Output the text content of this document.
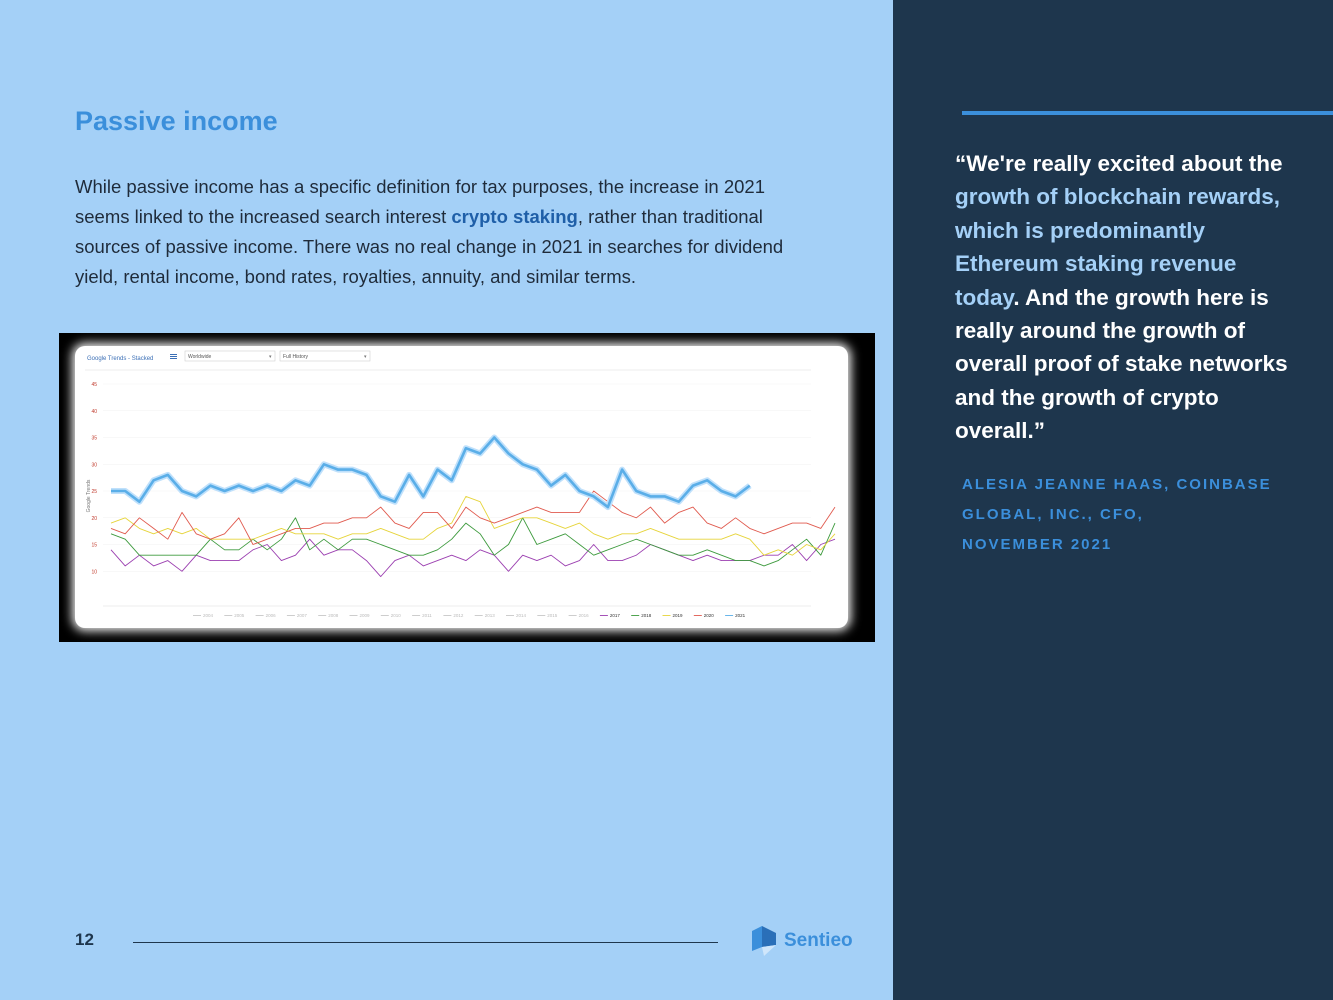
Passive income

While passive income has a specific definition for tax purposes, the increase in 2021 seems linked to the increased search interest crypto staking, rather than traditional sources of passive income. There was no real change in 2021 in searches for dividend yield, rental income, bond rates, royalties, annuity, and similar terms.

Google Trends - Stacked	Worldwide	▾ Full History	▾
10
15
20
25
30
35
40
45
Google Trends
2004	2005	2006	2007	2008	2009	2010	2011	2012	2013	2014	2015	2016	2017	2018	2019	2020	2021
12	Sentieo

“We're really excited about the growth of blockchain rewards, which is predominantly Ethereum staking revenue today. And the growth here is really around the growth of overall proof of stake networks and the growth of crypto overall.”

ALESIA JEANNE HAAS, COINBASE
GLOBAL, INC., CFO,
NOVEMBER 2021
